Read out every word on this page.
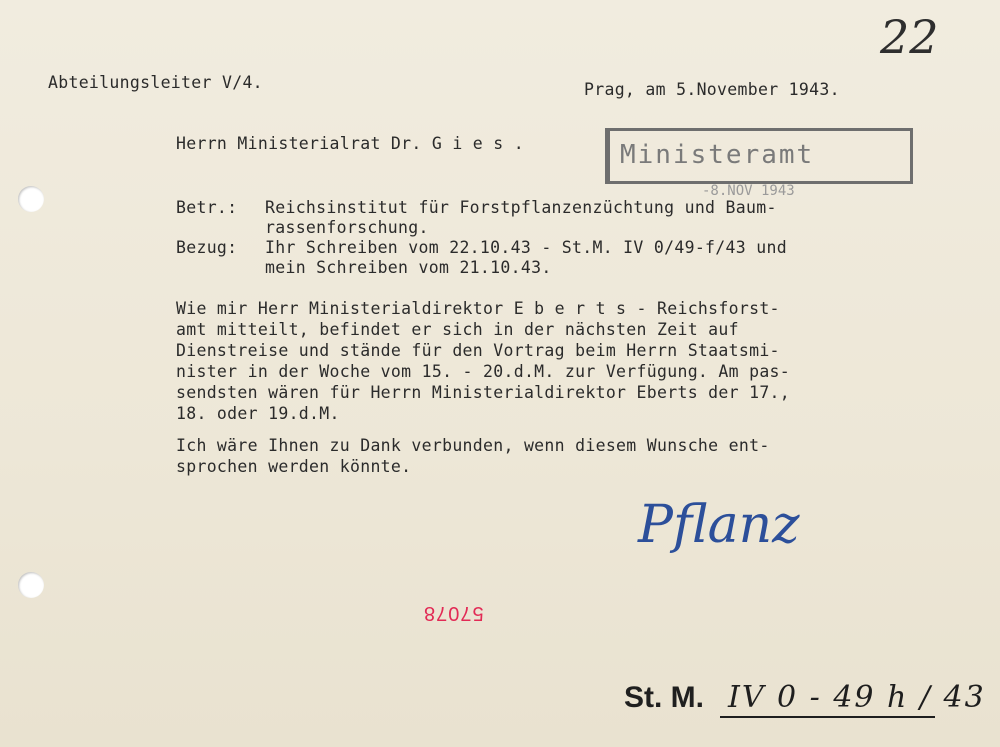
22
Abteilungsleiter V/4.	Prag, am 5.November 1943.
Herrn Ministerialrat Dr. G i e s .	Ministeramt
-8.NOV 1943
Betr.: Reichsinstitut für Forstpflanzenzüchtung und Baum-
rassenforschung.
Bezug: Ihr Schreiben vom 22.10.43 - St.M. IV 0/49-f/43 und
mein Schreiben vom 21.10.43.
Wie mir Herr Ministerialdirektor E b e r t s - Reichsforst-
amt mitteilt, befindet er sich in der nächsten Zeit auf
Dienstreise und stände für den Vortrag beim Herrn Staatsmi-
nister in der Woche vom 15. - 20.d.M. zur Verfügung. Am pas-
sendsten wären für Herrn Ministerialdirektor Eberts der 17.,
18. oder 19.d.M.
Ich wäre Ihnen zu Dank verbunden, wenn diesem Wunsche ent-
sprochen werden könnte.
Pflanz
57078
St. M. IV 0 - 49 h / 43
